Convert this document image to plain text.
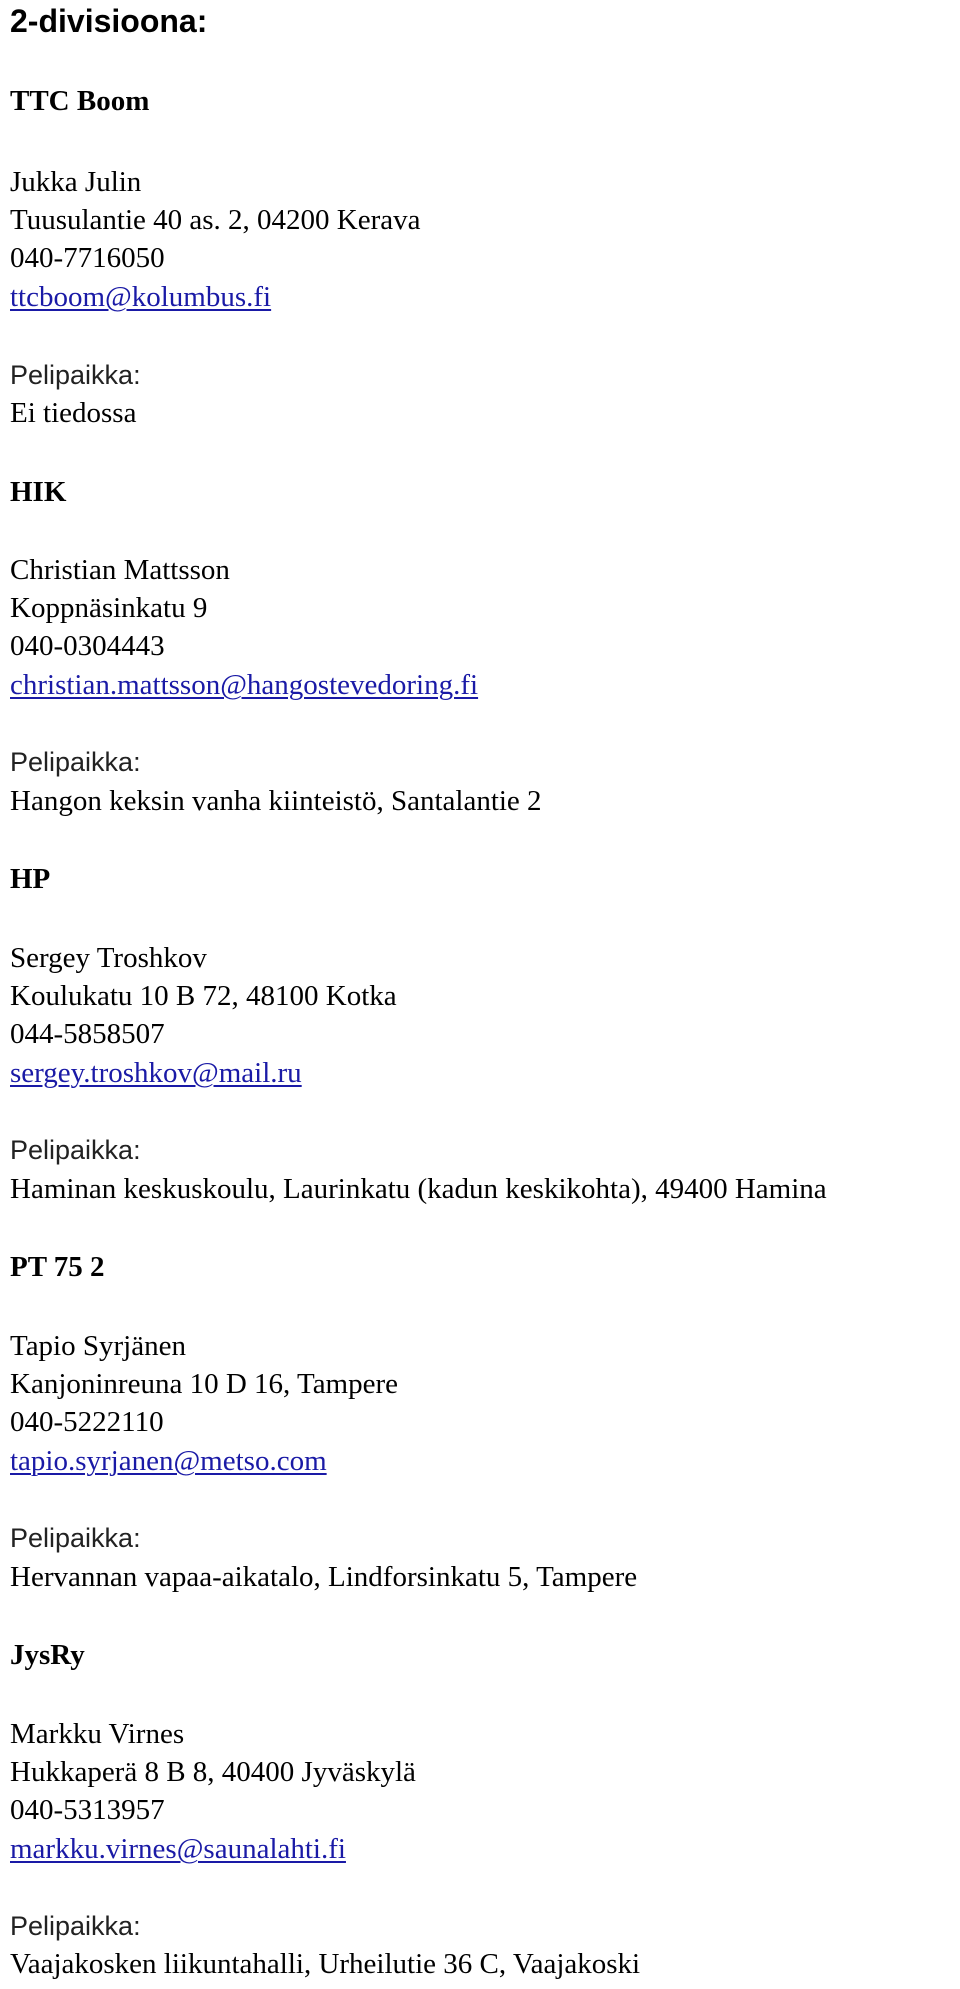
2-divisioona:
TTC Boom
Jukka Julin
Tuusulantie 40 as. 2, 04200 Kerava
040-7716050
ttcboom@kolumbus.fi
Pelipaikka:
Ei tiedossa
HIK
Christian Mattsson
Koppnäsinkatu 9
040-0304443
christian.mattsson@hangostevedoring.fi
Pelipaikka:
Hangon keksin vanha kiinteistö, Santalantie 2
HP
Sergey Troshkov
Koulukatu 10 B 72, 48100 Kotka
044-5858507
sergey.troshkov@mail.ru
Pelipaikka:
Haminan keskuskoulu, Laurinkatu (kadun keskikohta), 49400 Hamina
PT 75 2
Tapio Syrjänen
Kanjoninreuna 10 D 16, Tampere
040-5222110
tapio.syrjanen@metso.com
Pelipaikka:
Hervannan vapaa-aikatalo, Lindforsinkatu 5, Tampere
JysRy
Markku Virnes
Hukkaperä 8 B 8, 40400 Jyväskylä
040-5313957
markku.virnes@saunalahti.fi
Pelipaikka:
Vaajakosken liikuntahalli, Urheilutie 36 C, Vaajakoski
